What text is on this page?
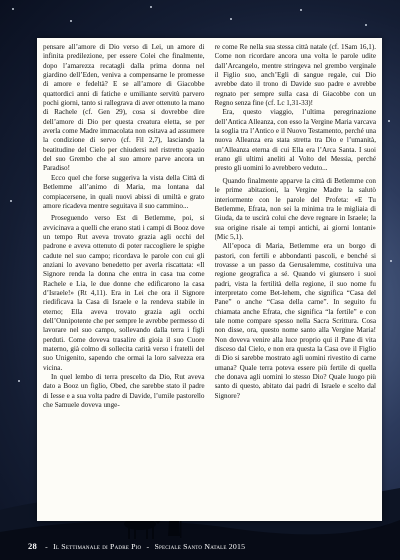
pensare all’amore di Dio verso di Lei, un amore di infinita predilezione, per essere Colei che finalmente, dopo l’amarezza recatagli dalla prima donna nel giardino dell’Eden, veniva a compensarne le promesse di amore e fedeltà? E se all’amore di Giacobbe quattordici anni di fatiche e umiliante servitù parvero pochi giorni, tanto si rallegrava di aver ottenuto la mano di Rachele (cf. Gen 29), cosa si dovrebbe dire dell’amore di Dio per questa creatura eletta, se per averla come Madre immacolata non esitava ad assumere la condizione di servo (cf. Fil 2,7), lasciando la beatitudine del Cielo per chiudersi nel ristretto spazio del suo Grembo che al suo amore parve ancora un Paradiso!

Ecco quel che forse suggeriva la vista della Città di Betlemme all’animo di Maria, ma lontana dal compiacersene, in quali nuovi abissi di umiltà e grato amore ricadeva mentre seguitava il suo cammino...

Proseguendo verso Est di Betlemme, poi, si avvicinava a quelli che erano stati i campi di Booz dove un tempo Rut aveva trovato grazia agli occhi del padrone e aveva ottenuto di poter raccogliere le spighe cadute nel suo campo; ricordava le parole con cui gli anziani lo avevano benedetto per averla riscattata: «Il Signore renda la donna che entra in casa tua come Rachele e Lia, le due donne che edificarono la casa d’Israele!» (Rt 4,11). Era in Lei che ora il Signore riedificava la Casa di Israele e la rendeva stabile in eterno; Ella aveva trovato grazia agli occhi dell’Onnipotente che per sempre le avrebbe permesso di lavorare nel suo campo, sollevando dalla terra i figli perduti. Come doveva trasalire di gioia il suo Cuore materno, già colmo di sollecita carità verso i fratelli del suo Unigenito, sapendo che ormai la loro salvezza era vicina.

In quel lembo di terra prescelto da Dio, Rut aveva dato a Booz un figlio, Obed, che sarebbe stato il padre di Iesse e a sua volta padre di Davide, l’umile pastorello che Samuele doveva unge-

re come Re nella sua stessa città natale (cf. 1Sam 16,1). Come non ricordare ancora una volta le parole udite dall’Arcangelo, mentre stringeva nel grembo verginale il Figlio suo, anch’Egli di sangue regale, cui Dio avrebbe dato il trono di Davide suo padre e avrebbe regnato per sempre sulla casa di Giacobbe con un Regno senza fine (cf. Lc 1,31-33)!

Era, questo viaggio, l’ultima peregrinazione dell’Antica Alleanza, con esso la Vergine Maria varcava la soglia tra l’Antico e il Nuovo Testamento, perché una nuova Alleanza era stata stretta tra Dio e l’umanità, un’Alleanza eterna di cui Ella era l’Arca Santa. I suoi erano gli ultimi aneliti al Volto del Messia, perché presto gli uomini lo avrebbero veduto...

Quando finalmente apparve la città di Betlemme con le prime abitazioni, la Vergine Madre la salutò interiormente con le parole del Profeta: «E Tu Betlemme, Efrata, non sei la minima tra le migliaia di Giuda, da te uscirà colui che deve regnare in Israele; la sua origine risale ai tempi antichi, ai giorni lontani» (Mic 5,1).

All’epoca di Maria, Betlemme era un borgo di pastori, con fertili e abbondanti pascoli, e benché si trovasse a un passo da Gerusalemme, costituiva una regione geografica a sé. Quando vi giunsero i suoi padri, vista la fertilità della regione, il suo nome fu interpretato come Bet-lehem, che significa “Casa del Pane” o anche “Casa della carne”. In seguito fu chiamata anche Efrata, che significa “la fertile” e con tale nome compare spesso nella Sacra Scrittura. Cosa non disse, ora, questo nome santo alla Vergine Maria! Non doveva venire alla luce proprio qui il Pane di vita disceso dal Cielo, e non era questa la Casa ove il Figlio di Dio si sarebbe mostrato agli uomini rivestito di carne umana? Quale terra poteva essere più fertile di quella che donava agli uomini lo stesso Dio? Quale luogo più santo di questo, abitato dai padri di Israele e scelto dal Signore?

28 - Il Settimanale di Padre Pio - Speciale Santo Natale 2015
